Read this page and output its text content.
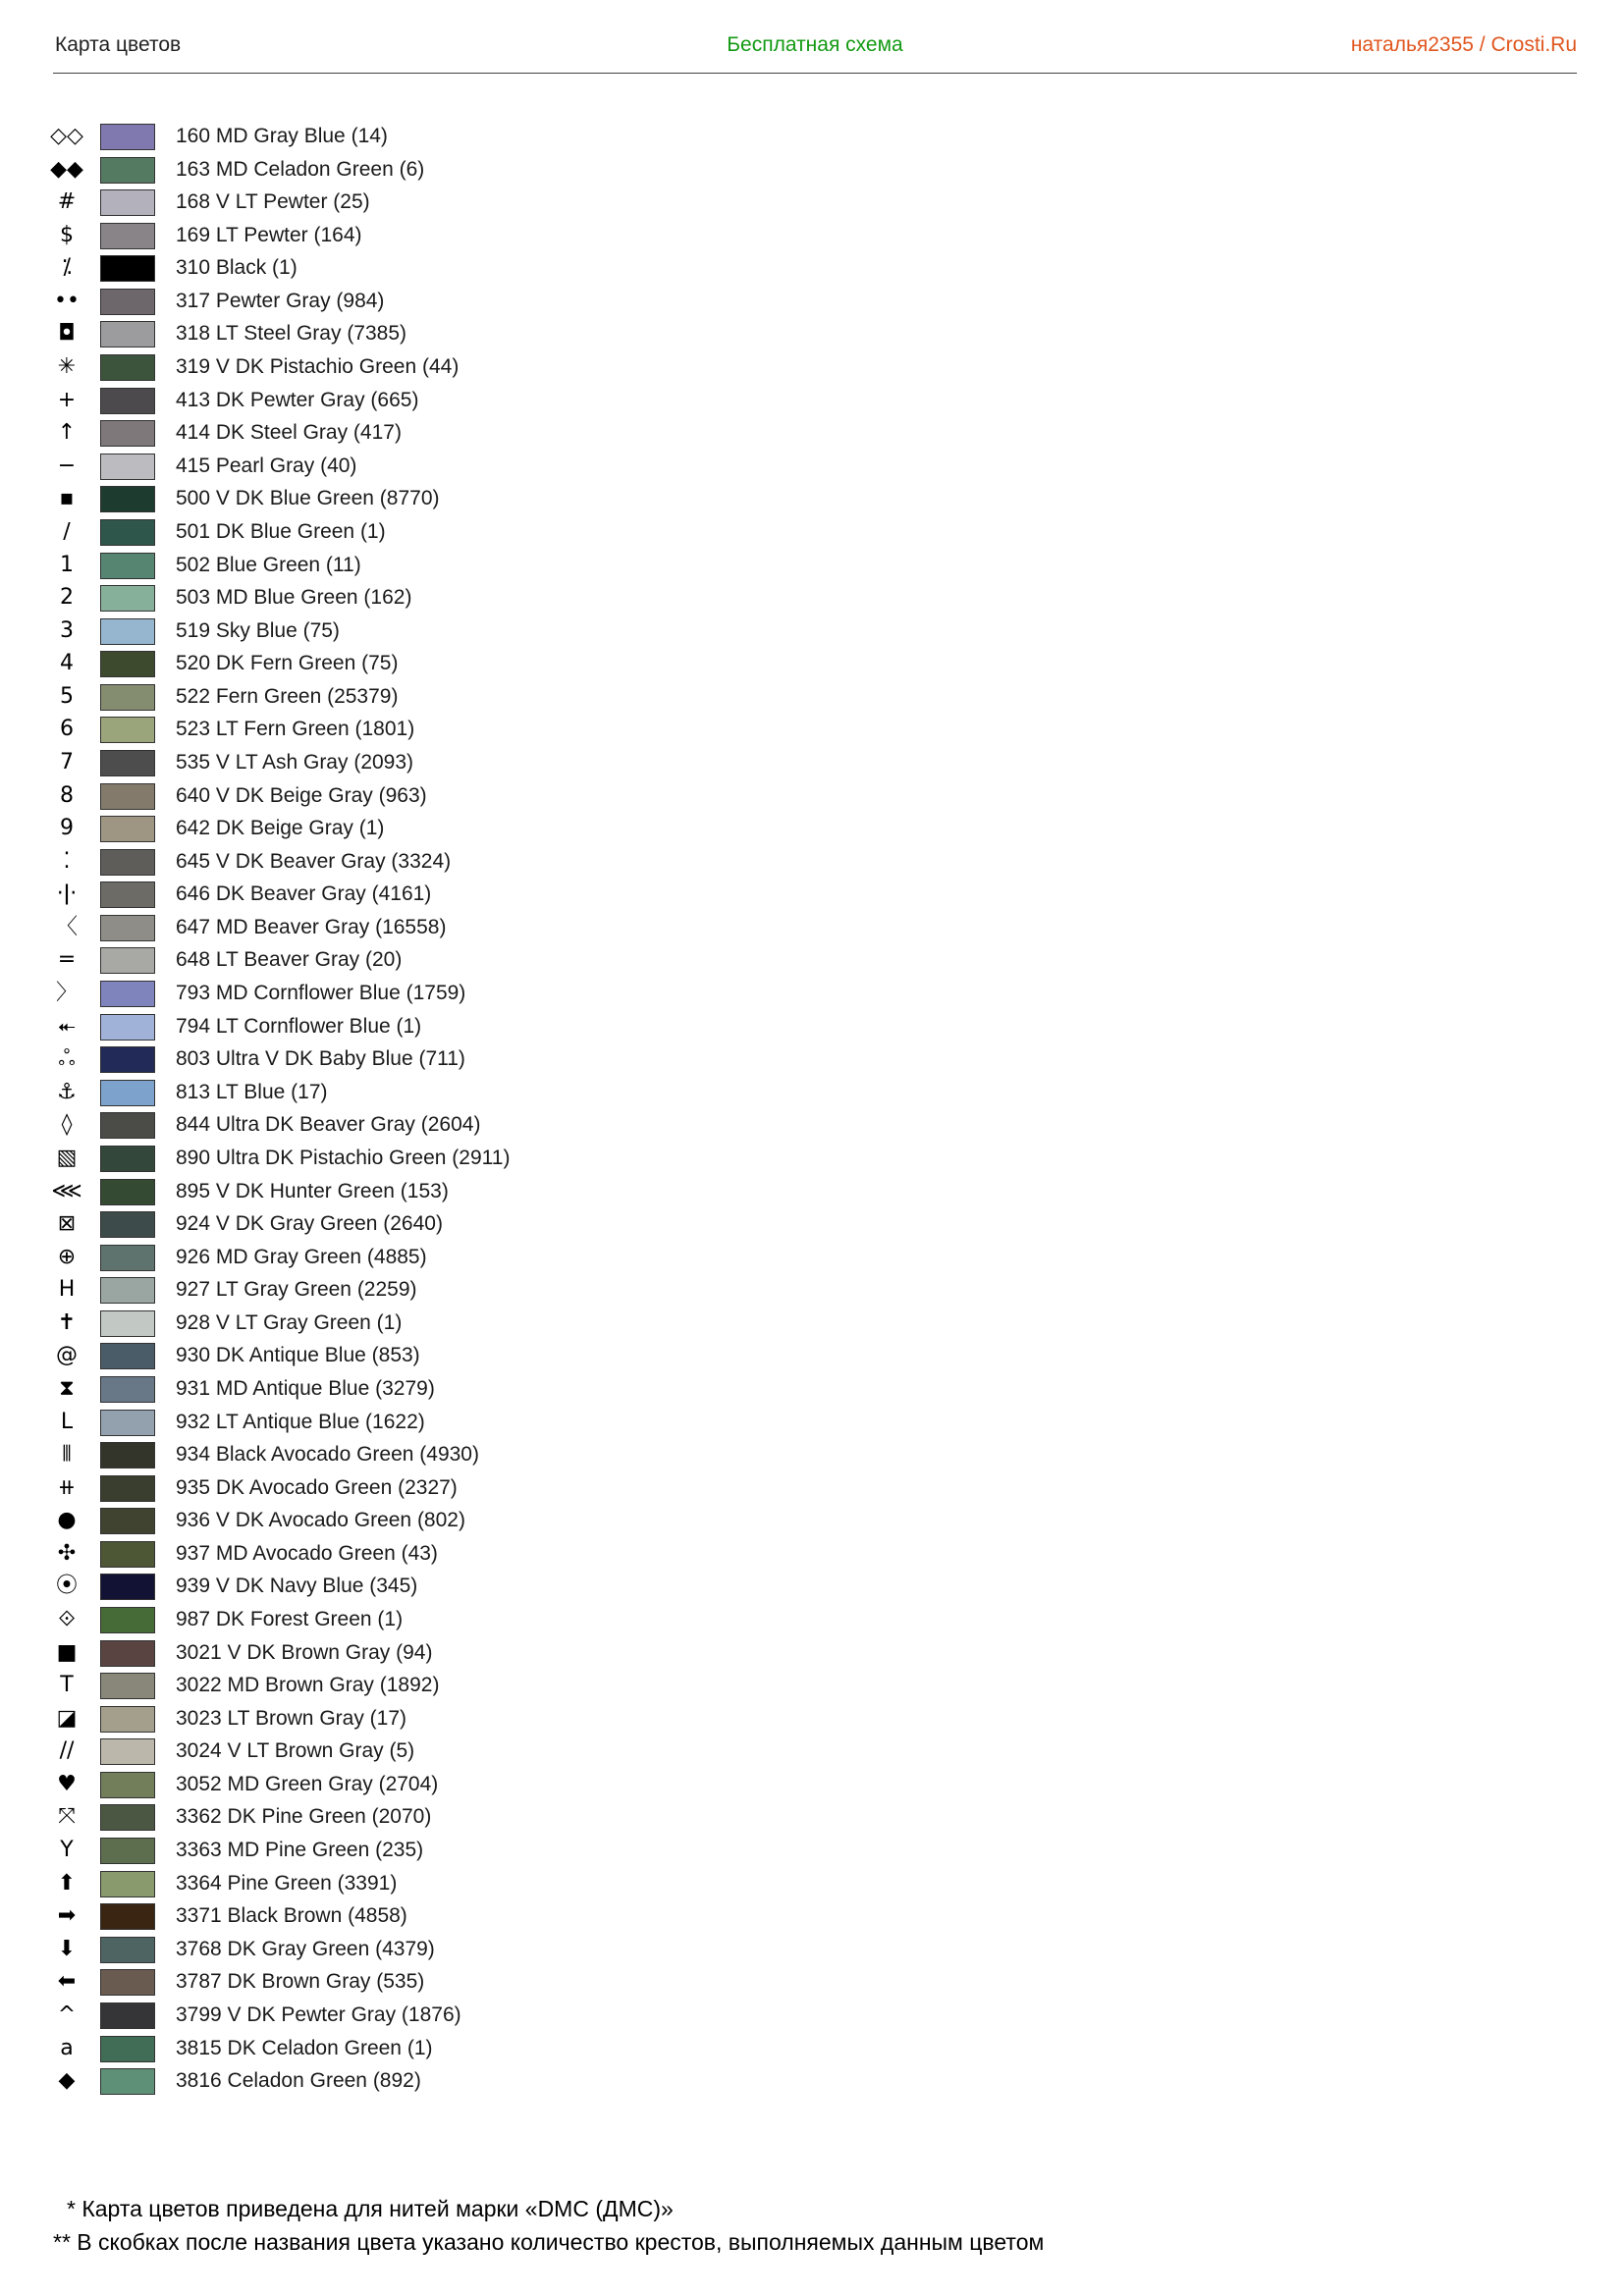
Карта цветов	Бесплатная схема	наталья2355 / Crosti.Ru
◇◇	160 MD Gray Blue (14)
◆◆	163 MD Celadon Green (6)
#	168 V LT Pewter (25)
$	169 LT Pewter (164)
⁒	310 Black (1)
••	317 Pewter Gray (984)
◘	318 LT Steel Gray (7385)
✳	319 V DK Pistachio Green (44)
+	413 DK Pewter Gray (665)
↑	414 DK Steel Gray (417)
−	415 Pearl Gray (40)
▪	500 V DK Blue Green (8770)
∕	501 DK Blue Green (1)
1	502 Blue Green (11)
2	503 MD Blue Green (162)
3	519 Sky Blue (75)
4	520 DK Fern Green (75)
5	522 Fern Green (25379)
6	523 LT Fern Green (1801)
7	535 V LT Ash Gray (2093)
8	640 V DK Beige Gray (963)
9	642 DK Beige Gray (1)
⁚	645 V DK Beaver Gray (3324)
·ǀ·	646 DK Beaver Gray (4161)
〈	647 MD Beaver Gray (16558)
=	648 LT Beaver Gray (20)
〉	793 MD Cornflower Blue (1759)
⯬	794 LT Cornflower Blue (1)
ஃ	803 Ultra V DK Baby Blue (711)
⚓	813 LT Blue (17)
◊	844 Ultra DK Beaver Gray (2604)
▧	890 Ultra DK Pistachio Green (2911)
⋘	895 V DK Hunter Green (153)
⊠	924 V DK Gray Green (2640)
⊕	926 MD Gray Green (4885)
H	927 LT Gray Green (2259)
✝	928 V LT Gray Green (1)
@	930 DK Antique Blue (853)
⧗	931 MD Antique Blue (3279)
L	932 LT Antique Blue (1622)
⫴	934 Black Avocado Green (4930)
⧺	935 DK Avocado Green (2327)
●	936 V DK Avocado Green (802)
✣	937 MD Avocado Green (43)
⦿	939 V DK Navy Blue (345)
⟐	987 DK Forest Green (1)
■	3021 V DK Brown Gray (94)
T	3022 MD Brown Gray (1892)
◪	3023 LT Brown Gray (17)
//	3024 V LT Brown Gray (5)
♥	3052 MD Green Gray (2704)
⤧	3362 DK Pine Green (2070)
Y	3363 MD Pine Green (235)
⬆	3364 Pine Green (3391)
➡	3371 Black Brown (4858)
⬇	3768 DK Gray Green (4379)
⬅	3787 DK Brown Gray (535)
^	3799 V DK Pewter Gray (1876)
a	3815 DK Celadon Green (1)
◆	3816 Celadon Green (892)
* Карта цветов приведена для нитей марки «DMC (ДМС)»
** В скобках после названия цвета указано количество крестов, выполняемых данным цветом
